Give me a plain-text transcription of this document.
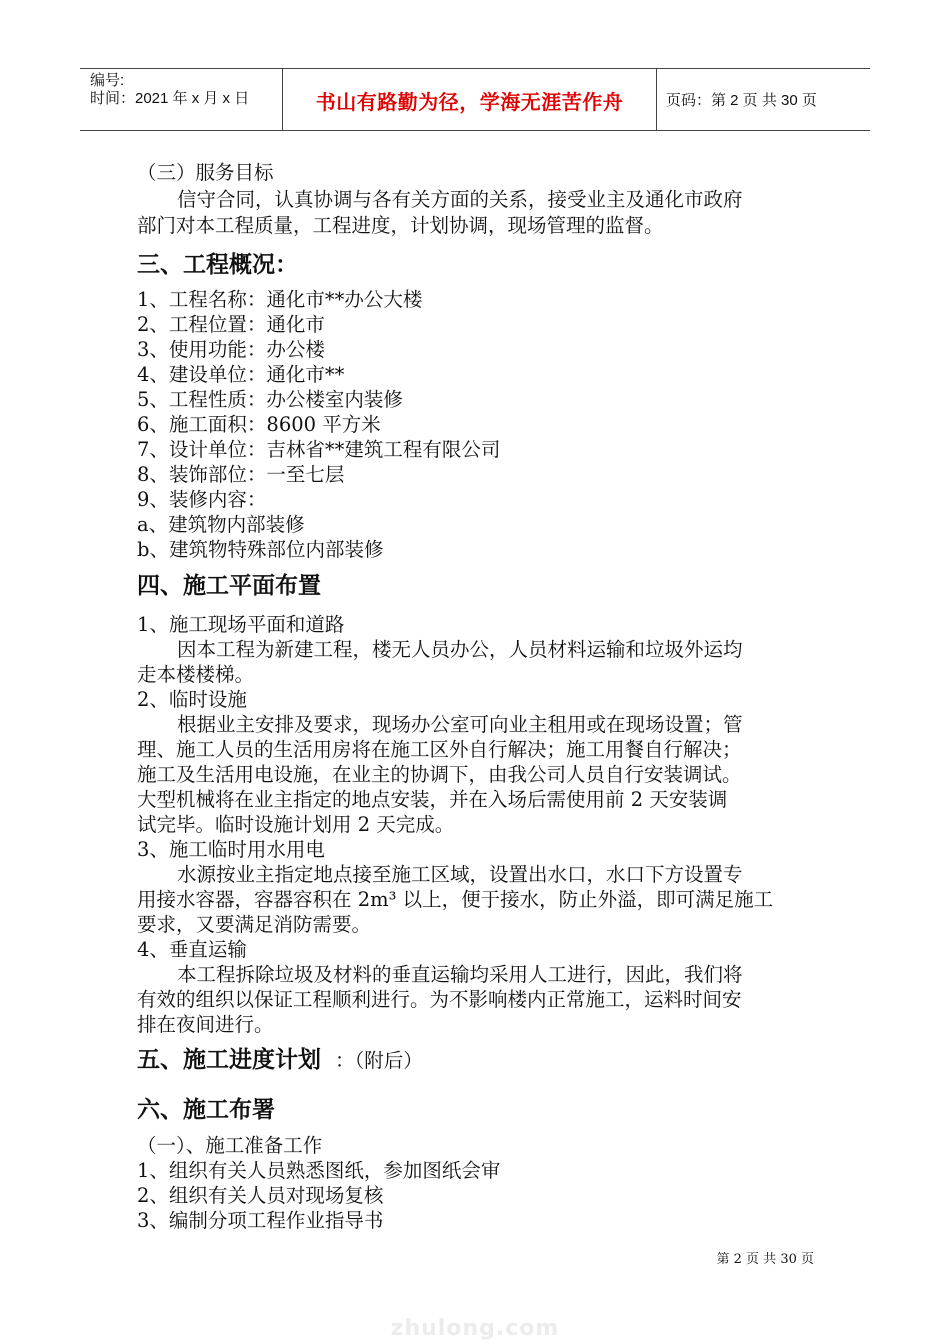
编号:
时间：2021 年 x 月 x 日	书山有路勤为径，学海无涯苦作舟	页码：第 2 页 共 30 页
（三）服务目标
信守合同，认真协调与各有关方面的关系，接受业主及通化市政府
部门对本工程质量，工程进度，计划协调，现场管理的监督。
三、工程概况：
1、工程名称：通化市**办公大楼
2、工程位置：通化市
3、使用功能：办公楼
4、建设单位：通化市**
5、工程性质：办公楼室内装修
6、施工面积：8600 平方米
7、设计单位：吉林省**建筑工程有限公司
8、装饰部位：一至七层
9、装修内容：
a、建筑物内部装修
b、建筑物特殊部位内部装修
四、施工平面布置
1、施工现场平面和道路
因本工程为新建工程，楼无人员办公，人员材料运输和垃圾外运均
走本楼楼梯。
2、临时设施
根据业主安排及要求，现场办公室可向业主租用或在现场设置；管
理、施工人员的生活用房将在施工区外自行解决；施工用餐自行解决；
施工及生活用电设施，在业主的协调下，由我公司人员自行安装调试。
大型机械将在业主指定的地点安装，并在入场后需使用前 2 天安装调
试完毕。临时设施计划用 2 天完成。
3、施工临时用水用电
水源按业主指定地点接至施工区域，设置出水口，水口下方设置专
用接水容器，容器容积在 2m³ 以上，便于接水，防止外溢，即可满足施工
要求，又要满足消防需要。
4、垂直运输
本工程拆除垃圾及材料的垂直运输均采用人工进行，因此，我们将
有效的组织以保证工程顺利进行。为不影响楼内正常施工，运料时间安
排在夜间进行。
五、施工进度计划 ：（附后）
六、施工布署
（一）、施工准备工作
1、组织有关人员熟悉图纸，参加图纸会审
2、组织有关人员对现场复核
3、编制分项工程作业指导书
第 2 页 共 30 页
zhulong.com
